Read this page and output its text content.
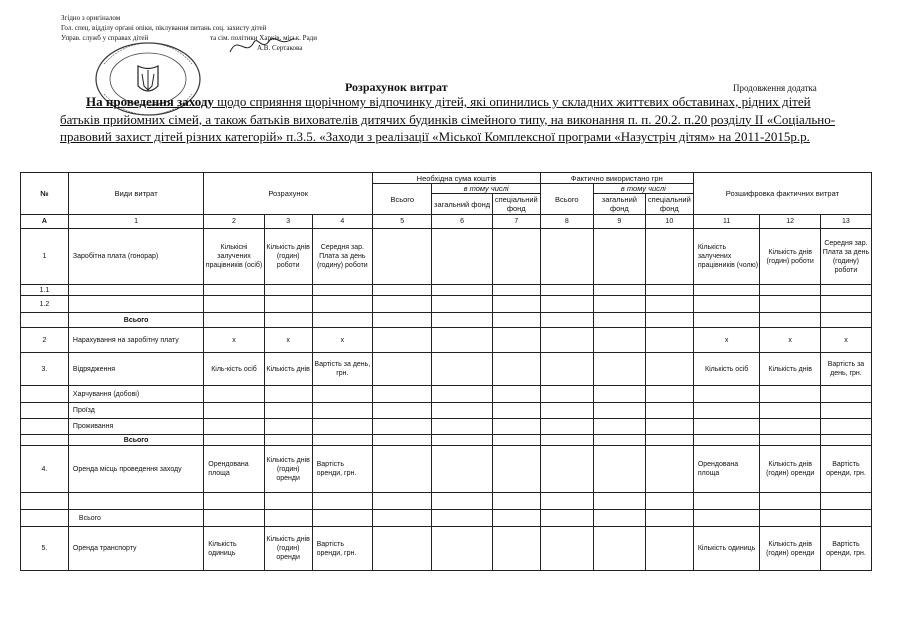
Згідно з оригіналом
Гол. спец. відділу органі опіки, піклування питань соц. захисту дітей
Управ. служб у справах дітей	та сім. політики Харків. міськ. Ради
А.В. Сертакова
Розрахунок витрат	Продовження додатка
На проведення заходу щодо сприяння щорічному відпочинку дітей, які опинились у складних життєвих обставинах, рідних дітей батьків прийомних сімей, а також батьків вихователів дитячих будинків сімейного типу, на виконання п. п. 20.2. п.20 розділу II «Соціально-правовий захист дітей різних категорій» п.3.5. «Заходи з реалізації «Міської Комплексної програми «Назустріч дітям» на 2011-2015р.р.
№	Види витрат	Розрахунок			Необхідна сума коштів			Фактично використано грн			Розшифровка фактичних витрат		
					Всього	в тому числі		Всього	в тому числі				
						загальний фонд	спеціальний фонд		загальний фонд	спеціальний фонд			
А	1	2	3	4	5	6	7	8	9	10	11	12	13
1	Заробітна плата (гонорар)	Кількісні залучених працівників (осіб)	Кількість днів (годин) роботи	Середня зар. Плата за день (годину) роботи							Кількість залучених працівників (чолю)	Кількість днів (годин) роботи	Середня зар. Плата за день (годину) роботи
1.1													
1.2													
	Всього												
2	Нарахування на заробітну плату	х	х	х							х	х	х
3.	Відрядження	Кіль-кість осіб	Кількість днів	Вартість за день, грн.							Кількість осіб	Кількість днів	Вартість за день, грн.
	Харчування (добові)												
	Проїзд												
	Проживання												
	Всього												
4.	Оренда місць проведення заходу	Орендована площа	Кількість днів (годин) оренди	Вартість оренди, грн.							Орендована площа	Кількість днів (годин) оренди	Вартість оренди, грн.

	Всього												
5.	Оренда транспорту	Кількість одиниць	Кількість днів (годин) оренди	Вартість оренди, грн.							Кількість одиниць	Кількість днів (годин) оренди	Вартість оренди, грн.
